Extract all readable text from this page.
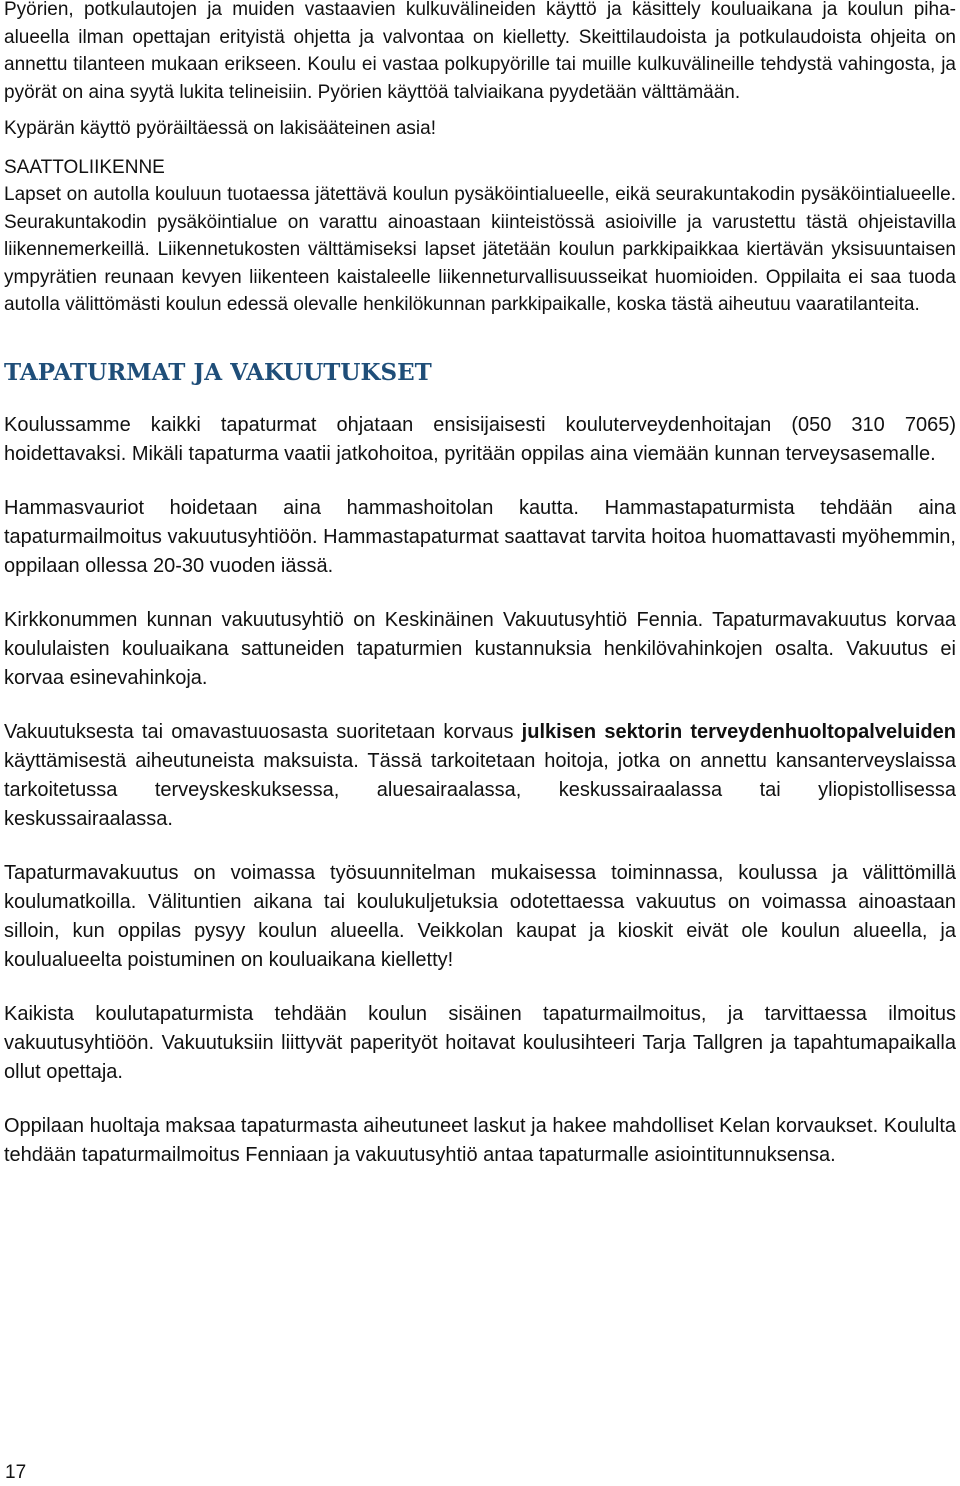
Pyörien, potkulautojen ja muiden vastaavien kulkuvälineiden käyttö ja käsittely kouluaikana ja koulun piha-alueella ilman opettajan erityistä ohjetta ja valvontaa on kielletty. Skeittilaudoista ja potkulaudoista ohjeita on annettu tilanteen mukaan erikseen. Koulu ei vastaa polkupyörille tai muille kulkuvälineille tehdystä vahingosta, ja pyörät on aina syytä lukita telineisiin. Pyörien käyttöä talviaikana pyydetään välttämään.

Kypärän käyttö pyöräiltäessä on lakisääteinen asia!

SAATTOLIIKENNE

Lapset on autolla kouluun tuotaessa jätettävä koulun pysäköintialueelle, eikä seurakuntakodin pysäköintialueelle. Seurakuntakodin pysäköintialue on varattu ainoastaan kiinteistössä asioiville ja varustettu tästä ohjeistavilla liikennemerkeillä. Liikennetukosten välttämiseksi lapset jätetään koulun parkkipaikkaa kiertävän yksisuuntaisen ympyrätien reunaan kevyen liikenteen kaistaleelle liikenneturvallisuusseikat huomioiden. Oppilaita ei saa tuoda autolla välittömästi koulun edessä olevalle henkilökunnan parkkipaikalle, koska tästä aiheutuu vaaratilanteita.

TAPATURMAT JA VAKUUTUKSET

Koulussamme kaikki tapaturmat ohjataan ensisijaisesti kouluterveydenhoitajan (050 310 7065) hoidettavaksi. Mikäli tapaturma vaatii jatkohoitoa, pyritään oppilas aina viemään kunnan terveysasemalle.

Hammasvauriot hoidetaan aina hammashoitolan kautta. Hammastapaturmista tehdään aina tapaturmailmoitus vakuutusyhtiöön. Hammastapaturmat saattavat tarvita hoitoa huomattavasti myöhemmin, oppilaan ollessa 20-30 vuoden iässä.

Kirkkonummen kunnan vakuutusyhtiö on Keskinäinen Vakuutusyhtiö Fennia. Tapaturmavakuutus korvaa koululaisten kouluaikana sattuneiden tapaturmien kustannuksia henkilövahinkojen osalta. Vakuutus ei korvaa esinevahinkoja.

Vakuutuksesta tai omavastuuosasta suoritetaan korvaus julkisen sektorin terveydenhuoltopalveluiden käyttämisestä aiheutuneista maksuista. Tässä tarkoitetaan hoitoja, jotka on annettu kansanterveyslaissa tarkoitetussa terveyskeskuksessa, aluesairaalassa, keskussairaalassa tai yliopistollisessa keskussairaalassa.

Tapaturmavakuutus on voimassa työsuunnitelman mukaisessa toiminnassa, koulussa ja välittömillä koulumatkoilla. Välituntien aikana tai koulukuljetuksia odotettaessa vakuutus on voimassa ainoastaan silloin, kun oppilas pysyy koulun alueella. Veikkolan kaupat ja kioskit eivät ole koulun alueella, ja koulualueelta poistuminen on kouluaikana kielletty!

Kaikista koulutapaturmista tehdään koulun sisäinen tapaturmailmoitus, ja tarvittaessa ilmoitus vakuutusyhtiöön. Vakuutuksiin liittyvät paperityöt hoitavat koulusihteeri Tarja Tallgren ja tapahtumapaikalla ollut opettaja.

Oppilaan huoltaja maksaa tapaturmasta aiheutuneet laskut ja hakee mahdolliset Kelan korvaukset. Koululta tehdään tapaturmailmoitus Fenniaan ja vakuutusyhtiö antaa tapaturmalle asiointitunnuksensa.

17
